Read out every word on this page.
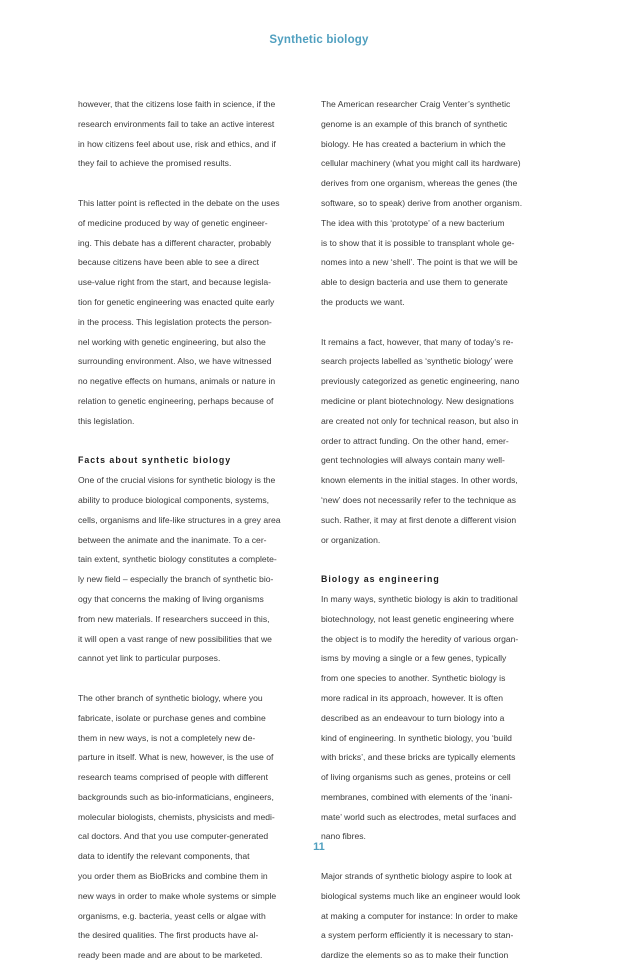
Synthetic biology
however, that the citizens lose faith in science, if the
research environments fail to take an active interest
in how citizens feel about use, risk and ethics, and if
they fail to achieve the promised results.
This latter point is reflected in the debate on the uses
of medicine produced by way of genetic engineer-
ing. This debate has a different character, probably
because citizens have been able to see a direct
use-value right from the start, and because legisla-
tion for genetic engineering was enacted quite early
in the process. This legislation protects the person-
nel working with genetic engineering, but also the
surrounding environment. Also, we have witnessed
no negative effects on humans, animals or nature in
relation to genetic engineering, perhaps because of
this legislation.
Facts about synthetic biology
One of the crucial visions for synthetic biology is the
ability to produce biological components, systems,
cells, organisms and life-like structures in a grey area
between the animate and the inanimate. To a cer-
tain extent, synthetic biology constitutes a complete-
ly new field – especially the branch of synthetic bio-
ogy that concerns the making of living organisms
from new materials. If researchers succeed in this,
it will open a vast range of new possibilities that we
cannot yet link to particular purposes.
The other branch of synthetic biology, where you
fabricate, isolate or purchase genes and combine
them in new ways, is not a completely new de-
parture in itself. What is new, however, is the use of
research teams comprised of people with different
backgrounds such as bio-informaticians, engineers,
molecular biologists, chemists, physicists and medi-
cal doctors. And that you use computer-generated
data to identify the relevant components, that
you order them as BioBricks and combine them in
new ways in order to make whole systems or simple
organisms, e.g. bacteria, yeast cells or algae with
the desired qualities. The first products have al-
ready been made and are about to be marketed.
The American researcher Craig Venter’s synthetic
genome is an example of this branch of synthetic
biology. He has created a bacterium in which the
cellular machinery (what you might call its hardware)
derives from one organism, whereas the genes (the
software, so to speak) derive from another organism.
The idea with this ‘prototype’ of a new bacterium
is to show that it is possible to transplant whole ge-
nomes into a new ‘shell’. The point is that we will be
able to design bacteria and use them to generate
the products we want.
It remains a fact, however, that many of today’s re-
search projects labelled as ‘synthetic biology’ were
previously categorized as genetic engineering, nano
medicine or plant biotechnology. New designations
are created not only for technical reason, but also in
order to attract funding. On the other hand, emer-
gent technologies will always contain many well-
known elements in the initial stages. In other words,
‘new’ does not necessarily refer to the technique as
such. Rather, it may at first denote a different vision
or organization.
Biology as engineering
In many ways, synthetic biology is akin to traditional
biotechnology, not least genetic engineering where
the object is to modify the heredity of various organ-
isms by moving a single or a few genes, typically
from one species to another. Synthetic biology is
more radical in its approach, however. It is often
described as an endeavour to turn biology into a
kind of engineering. In synthetic biology, you ‘build
with bricks’, and these bricks are typically elements
of living organisms such as genes, proteins or cell
membranes, combined with elements of the ‘inani-
mate’ world such as electrodes, metal surfaces and
nano fibres.
Major strands of synthetic biology aspire to look at
biological systems much like an engineer would look
at making a computer for instance: In order to make
a system perform efficiently it is necessary to stan-
dardize the elements so as to make their function
11
